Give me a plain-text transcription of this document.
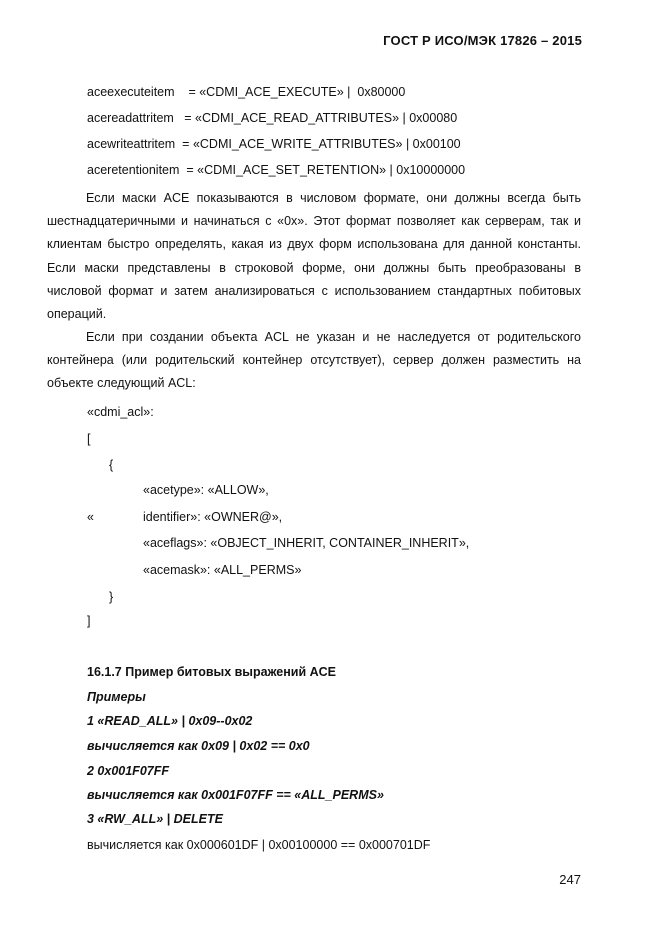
ГОСТ Р ИСО/МЭК 17826 – 2015
aceexecuteitem    = «CDMI_ACE_EXECUTE» |  0x80000
acereadattritem   = «CDMI_ACE_READ_ATTRIBUTES» | 0x00080
acewriteattritem  = «CDMI_ACE_WRITE_ATTRIBUTES» | 0x00100
aceretentionitem  = «CDMI_ACE_SET_RETENTION» | 0x10000000
Если маски ACE показываются в числовом формате, они должны всегда быть шестнадцатеричными и начинаться с «0x». Этот формат позволяет как серверам, так и клиентам быстро определять, какая из двух форм использована для данной константы. Если маски представлены в строковой форме, они должны быть преобразованы в числовой формат и затем анализироваться с использованием стандартных побитовых операций.
Если при создании объекта ACL не указан и не наследуется от родительского контейнера (или родительский контейнер отсутствует), сервер должен разместить на объекте следующий ACL:
«cdmi_acl»:
[
{
«acetype»: «ALLOW»,
«	identifier»: «OWNER@»,
«aceflags»: «OBJECT_INHERIT, CONTAINER_INHERIT»,
«acemask»: «ALL_PERMS»
}
]
16.1.7 Пример битовых выражений ACE
Примеры
1 «READ_ALL» | 0x09--0x02
вычисляется как 0x09 | 0x02 == 0x0
2 0x001F07FF
вычисляется как 0x001F07FF == «ALL_PERMS»
3 «RW_ALL» | DELETE
вычисляется как 0x000601DF | 0x00100000 == 0x000701DF
247
